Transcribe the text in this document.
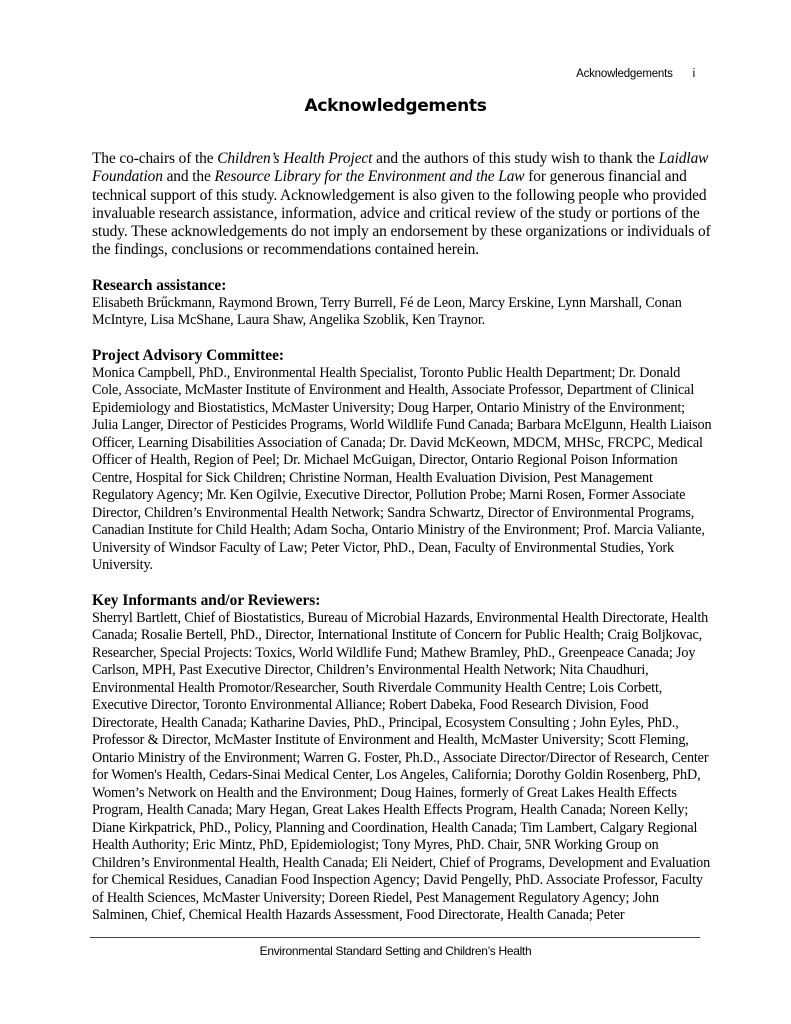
Acknowledgements i
Acknowledgements

The co-chairs of the Children’s Health Project and the authors of this study wish to thank the Laidlaw Foundation and the Resource Library for the Environment and the Law for generous financial and technical support of this study. Acknowledgement is also given to the following people who provided invaluable research assistance, information, advice and critical review of the study or portions of the study. These acknowledgements do not imply an endorsement by these organizations or individuals of the findings, conclusions or recommendations contained herein.

Research assistance:

Elisabeth Brűckmann, Raymond Brown, Terry Burrell, Fé de Leon, Marcy Erskine, Lynn Marshall, Conan McIntyre, Lisa McShane, Laura Shaw, Angelika Szoblik, Ken Traynor.

Project Advisory Committee:

Monica Campbell, PhD., Environmental Health Specialist, Toronto Public Health Department; Dr. Donald Cole, Associate, McMaster Institute of Environment and Health, Associate Professor, Department of Clinical Epidemiology and Biostatistics, McMaster University; Doug Harper, Ontario Ministry of the Environment; Julia Langer, Director of Pesticides Programs, World Wildlife Fund Canada; Barbara McElgunn, Health Liaison Officer, Learning Disabilities Association of Canada; Dr. David McKeown, MDCM, MHSc, FRCPC, Medical Officer of Health, Region of Peel; Dr. Michael McGuigan, Director, Ontario Regional Poison Information Centre, Hospital for Sick Children; Christine Norman, Health Evaluation Division, Pest Management Regulatory Agency; Mr. Ken Ogilvie, Executive Director, Pollution Probe; Marni Rosen, Former Associate Director, Children’s Environmental Health Network; Sandra Schwartz, Director of Environmental Programs, Canadian Institute for Child Health; Adam Socha, Ontario Ministry of the Environment; Prof. Marcia Valiante, University of Windsor Faculty of Law; Peter Victor, PhD., Dean, Faculty of Environmental Studies, York University.

Key Informants and/or Reviewers:

Sherryl Bartlett, Chief of Biostatistics, Bureau of Microbial Hazards, Environmental Health Directorate, Health Canada; Rosalie Bertell, PhD., Director, International Institute of Concern for Public Health; Craig Boljkovac, Researcher, Special Projects: Toxics, World Wildlife Fund; Mathew Bramley, PhD., Greenpeace Canada; Joy Carlson, MPH, Past Executive Director, Children’s Environmental Health Network; Nita Chaudhuri, Environmental Health Promotor/Researcher, South Riverdale Community Health Centre; Lois Corbett, Executive Director, Toronto Environmental Alliance; Robert Dabeka, Food Research Division, Food Directorate, Health Canada; Katharine Davies, PhD., Principal, Ecosystem Consulting ; John Eyles, PhD., Professor & Director, McMaster Institute of Environment and Health, McMaster University; Scott Fleming, Ontario Ministry of the Environment; Warren G. Foster, Ph.D., Associate Director/Director of Research, Center for Women's Health, Cedars-Sinai Medical Center, Los Angeles, California; Dorothy Goldin Rosenberg, PhD, Women’s Network on Health and the Environment; Doug Haines, formerly of Great Lakes Health Effects Program, Health Canada; Mary Hegan, Great Lakes Health Effects Program, Health Canada; Noreen Kelly; Diane Kirkpatrick, PhD., Policy, Planning and Coordination, Health Canada; Tim Lambert, Calgary Regional Health Authority; Eric Mintz, PhD, Epidemiologist; Tony Myres, PhD. Chair, 5NR Working Group on Children’s Environmental Health, Health Canada; Eli Neidert, Chief of Programs, Development and Evaluation for Chemical Residues, Canadian Food Inspection Agency; David Pengelly, PhD. Associate Professor, Faculty of Health Sciences, McMaster University; Doreen Riedel, Pest Management Regulatory Agency; John Salminen, Chief, Chemical Health Hazards Assessment, Food Directorate, Health Canada; Peter

Environmental Standard Setting and Children’s Health
